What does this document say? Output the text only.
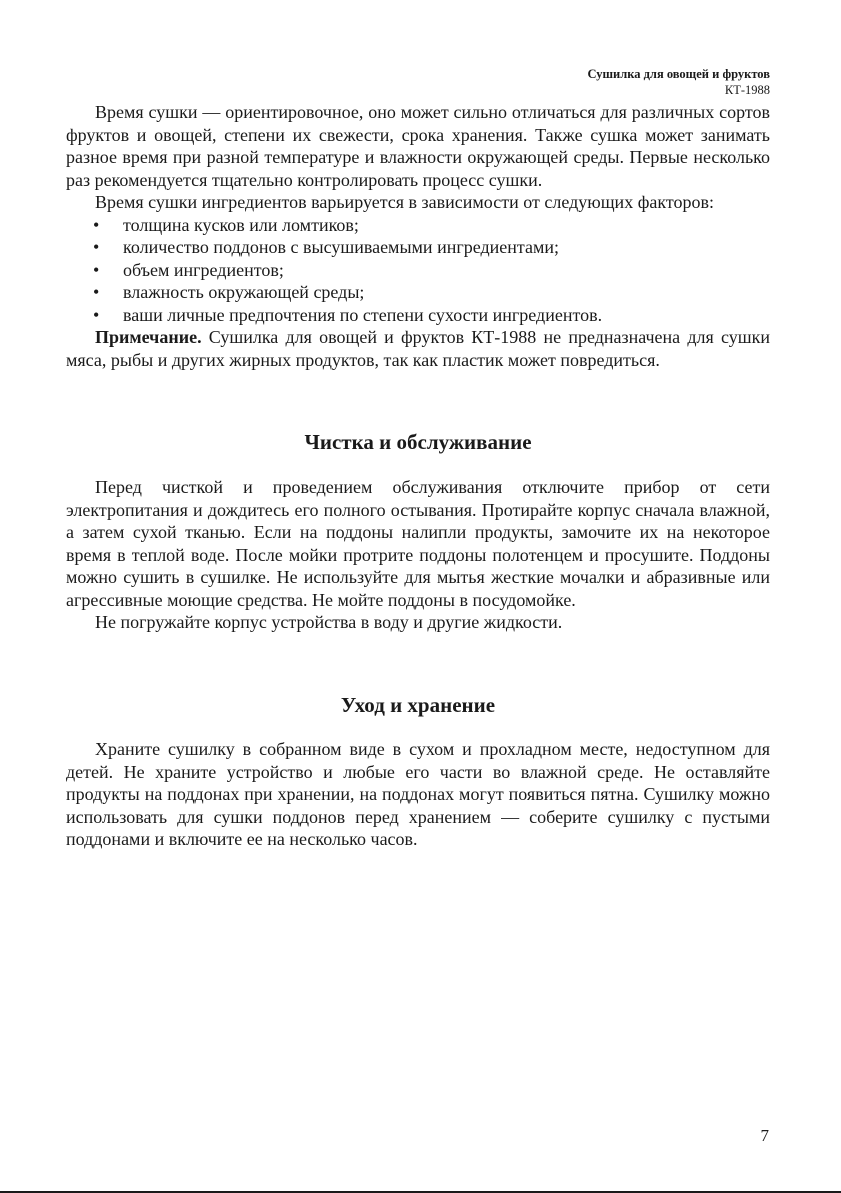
Сушилка для овощей и фруктов
КТ-1988

Время сушки — ориентировочное, оно может сильно отличаться для различных сортов фруктов и овощей, степени их свежести, срока хранения. Также сушка может занимать разное время при разной температуре и влажности окружающей среды. Первые несколько раз рекомендуется тщательно контролировать процесс сушки.

Время сушки ингредиентов варьируется в зависимости от следующих факторов:

• толщина кусков или ломтиков;
• количество поддонов с высушиваемыми ингредиентами;
• объем ингредиентов;
• влажность окружающей среды;
• ваши личные предпочтения по степени сухости ингредиентов.

Примечание. Сушилка для овощей и фруктов КТ-1988 не предназначена для сушки мяса, рыбы и других жирных продуктов, так как пластик может повредиться.

Чистка и обслуживание

Перед чисткой и проведением обслуживания отключите прибор от сети электропитания и дождитесь его полного остывания. Протирайте корпус сначала влажной, а затем сухой тканью. Если на поддоны налипли продукты, замочите их на некоторое время в теплой воде. После мойки протрите поддоны полотенцем и просушите. Поддоны можно сушить в сушилке. Не используйте для мытья жесткие мочалки и абразивные или агрессивные моющие средства. Не мойте поддоны в посудомойке.

Не погружайте корпус устройства в воду и другие жидкости.

Уход и хранение

Храните сушилку в собранном виде в сухом и прохладном месте, недоступном для детей. Не храните устройство и любые его части во влажной среде. Не оставляйте продукты на поддонах при хранении, на поддонах могут появиться пятна. Сушилку можно использовать для сушки поддонов перед хранением — соберите сушилку с пустыми поддонами и включите ее на несколько часов.

7
